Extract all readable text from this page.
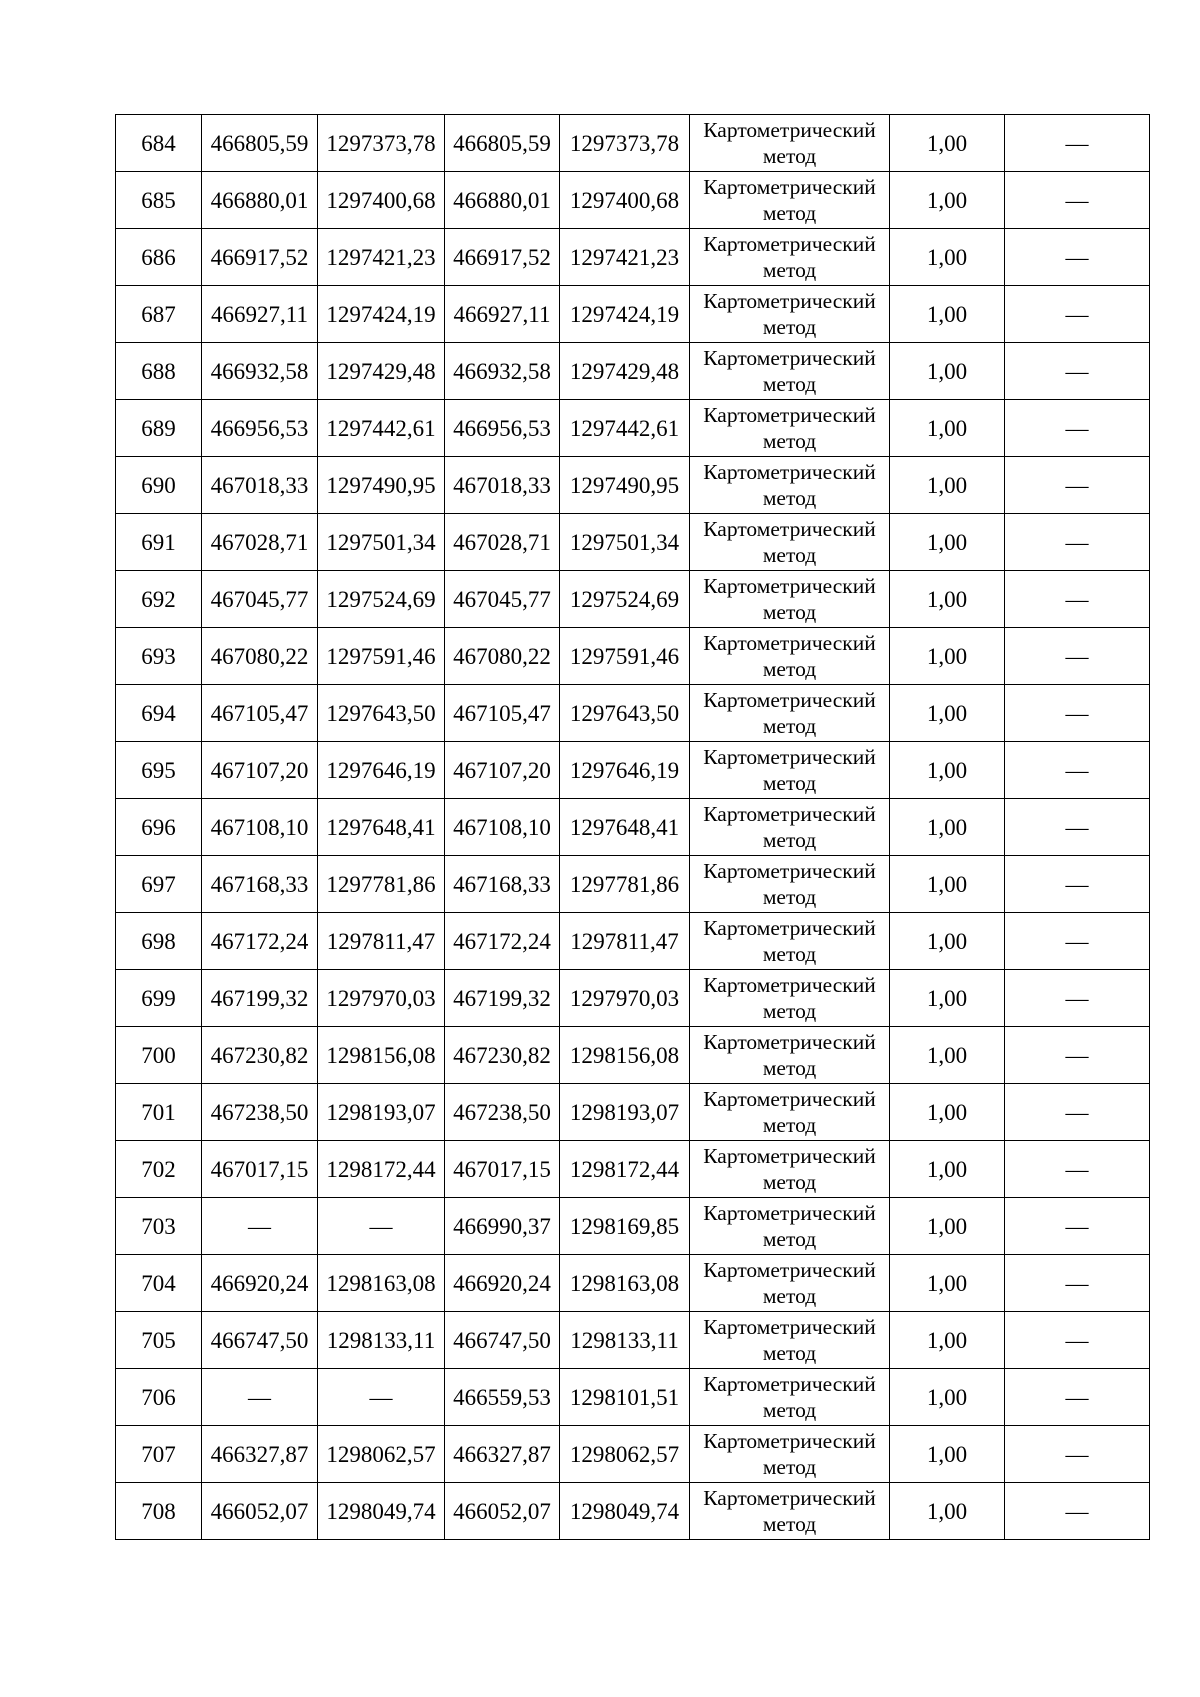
684	466805,59	1297373,78	466805,59	1297373,78	Картометрический
метод	1,00	—
685	466880,01	1297400,68	466880,01	1297400,68	Картометрический
метод	1,00	—
686	466917,52	1297421,23	466917,52	1297421,23	Картометрический
метод	1,00	—
687	466927,11	1297424,19	466927,11	1297424,19	Картометрический
метод	1,00	—
688	466932,58	1297429,48	466932,58	1297429,48	Картометрический
метод	1,00	—
689	466956,53	1297442,61	466956,53	1297442,61	Картометрический
метод	1,00	—
690	467018,33	1297490,95	467018,33	1297490,95	Картометрический
метод	1,00	—
691	467028,71	1297501,34	467028,71	1297501,34	Картометрический
метод	1,00	—
692	467045,77	1297524,69	467045,77	1297524,69	Картометрический
метод	1,00	—
693	467080,22	1297591,46	467080,22	1297591,46	Картометрический
метод	1,00	—
694	467105,47	1297643,50	467105,47	1297643,50	Картометрический
метод	1,00	—
695	467107,20	1297646,19	467107,20	1297646,19	Картометрический
метод	1,00	—
696	467108,10	1297648,41	467108,10	1297648,41	Картометрический
метод	1,00	—
697	467168,33	1297781,86	467168,33	1297781,86	Картометрический
метод	1,00	—
698	467172,24	1297811,47	467172,24	1297811,47	Картометрический
метод	1,00	—
699	467199,32	1297970,03	467199,32	1297970,03	Картометрический
метод	1,00	—
700	467230,82	1298156,08	467230,82	1298156,08	Картометрический
метод	1,00	—
701	467238,50	1298193,07	467238,50	1298193,07	Картометрический
метод	1,00	—
702	467017,15	1298172,44	467017,15	1298172,44	Картометрический
метод	1,00	—
703	—	—	466990,37	1298169,85	Картометрический
метод	1,00	—
704	466920,24	1298163,08	466920,24	1298163,08	Картометрический
метод	1,00	—
705	466747,50	1298133,11	466747,50	1298133,11	Картометрический
метод	1,00	—
706	—	—	466559,53	1298101,51	Картометрический
метод	1,00	—
707	466327,87	1298062,57	466327,87	1298062,57	Картометрический
метод	1,00	—
708	466052,07	1298049,74	466052,07	1298049,74	Картометрический
метод	1,00	—
